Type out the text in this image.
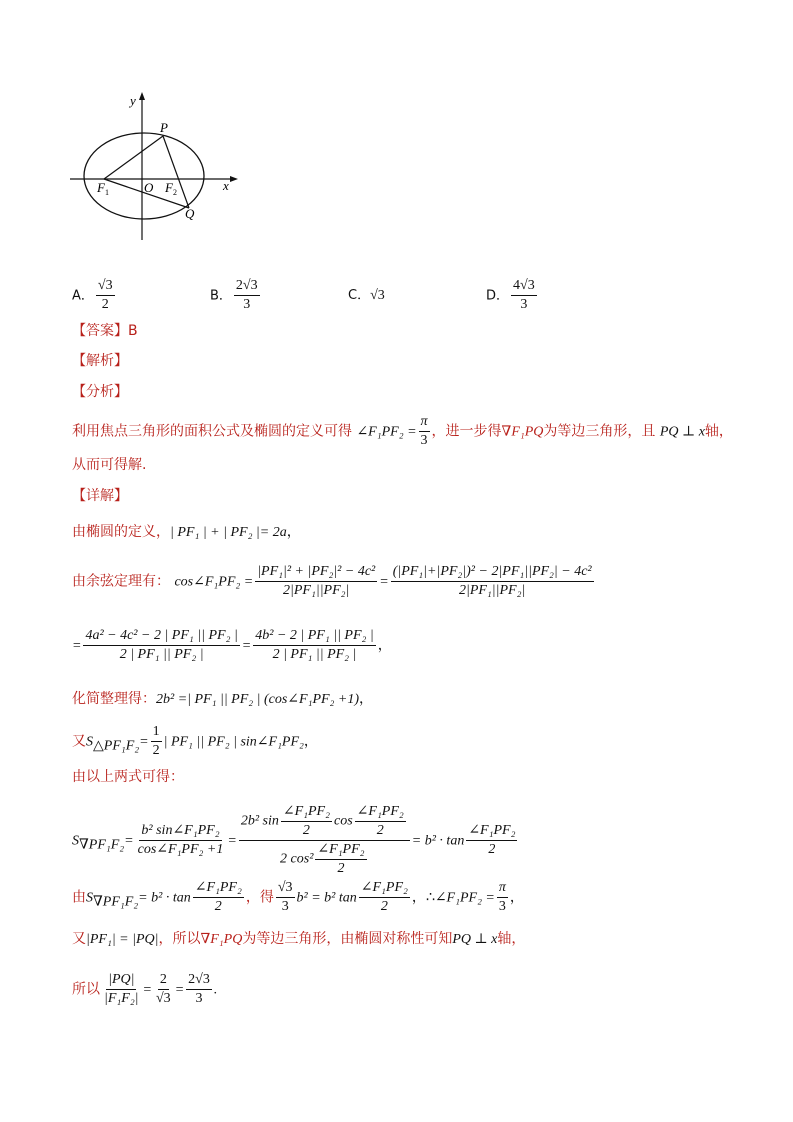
y
x
P
Q
O
$F_1$	$F_2$
A． $\frac{√3}{2}$	B． $\frac{2√3}{3}$	C．√3	D． $\frac{4√3}{3}$
【答案】B
【解析】
【分析】
利用焦点三角形的面积公式及椭圆的定义可得 ∠F₁PF₂ = $\frac{\pi}{3}$ ，进一步得∇F₁PQ为等边三角形，且 PQ ⊥ x轴，
从而可得解.
【详解】
由椭圆的定义，| PF₁ | + | PF₂ |= 2a，
由余弦定理有： cos∠F₁PF₂ = $\frac{\text{|PF₁|² + |PF₂|² − 4c²}}{\text{2|PF₁||PF₂|}} = \frac{\text{(|PF₁|+|PF₂|)² − 2|PF₁||PF₂| − 4c²}}{\text{2|PF₁||PF₂|}}$
= $\frac{\text{4a² − 4c² − 2 | PF₁ || PF₂ |}}{\text{2 | PF₁ || PF₂ |}} = \frac{\text{4b² − 2 | PF₁ || PF₂ |}}{\text{2 | PF₁ || PF₂ |}}$ ，
化简整理得：2b² =| PF₁ || PF₂ | (cos∠F₁PF₂ +1)，
又$S_{\triangle PF_1F_2}= \frac{1}{2}$ | PF₁ || PF₂ | sin∠F₁PF₂，
由以上两式可得：
$S_{\nabla PF_1F_2}= \frac{\text{b² sin∠F₁PF₂}}{\text{cos∠F₁PF₂ +1}} = \frac{2b^2 \sin \frac{\text{∠F₁PF₂}}{2} \cos \frac{\text{∠F₁PF₂}}{2}}{2 \cos^2 \frac{\text{∠F₁PF₂}}{2}} = b^2 \cdot \tan \frac{\text{∠F₁PF₂}}{2}$
由$S_{\nabla PF_1F_2}= b^2 \cdot \tan \frac{\text{∠F₁PF₂}}{2}$ ，得 $\frac{√3}{3} b^2 = b^2$ $\tan \frac{\text{∠F₁PF₂}}{2}$ ，∴∠F₁PF₂ = $\frac{\pi}{3}$ ，
又|PF₁| = |PQ|，所以∇F₁PQ为等边三角形，由椭圆对称性可知PQ ⊥ x轴，
所以 $\frac{|PQ|}{\text{|F₁F₂|}} = \frac{2}{√3} = \frac{2√3}{3}$ .
